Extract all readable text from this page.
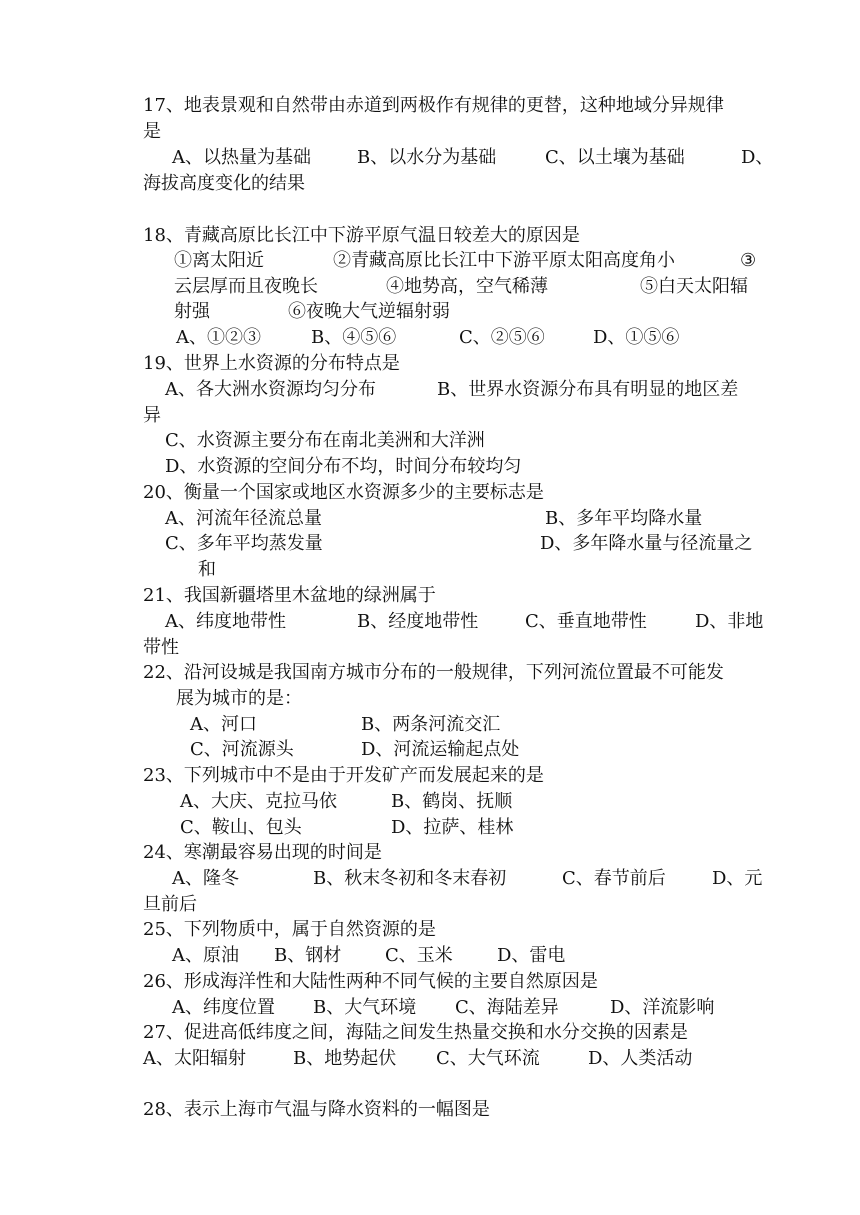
17、地表景观和自然带由赤道到两极作有规律的更替，这种地域分异规律

是

A、以热量为基础	B、以水分为基础	C、以土壤为基础	D、

海拔高度变化的结果

18、青藏高原比长江中下游平原气温日较差大的原因是

①离太阳近	②青藏高原比长江中下游平原太阳高度角小	③

云层厚而且夜晚长	④地势高，空气稀薄	⑤白天太阳辐

射强	⑥夜晚大气逆辐射弱

A、①②③	B、④⑤⑥	C、②⑤⑥	D、①⑤⑥

19、世界上水资源的分布特点是

A、各大洲水资源均匀分布	B、世界水资源分布具有明显的地区差

异

C、水资源主要分布在南北美洲和大洋洲

D、水资源的空间分布不均，时间分布较均匀

20、衡量一个国家或地区水资源多少的主要标志是

A、河流年径流总量	B、多年平均降水量

C、多年平均蒸发量	D、多年降水量与径流量之

和

21、我国新疆塔里木盆地的绿洲属于

A、纬度地带性	B、经度地带性	C、垂直地带性	D、非地

带性

22、沿河设城是我国南方城市分布的一般规律，下列河流位置最不可能发

展为城市的是：

A、河口	B、两条河流交汇

C、河流源头	D、河流运输起点处

23、下列城市中不是由于开发矿产而发展起来的是

A、大庆、克拉马依	B、鹤岗、抚顺

C、鞍山、包头	D、拉萨、桂林

24、寒潮最容易出现的时间是

A、隆冬	B、秋末冬初和冬末春初	C、春节前后	D、元

旦前后

25、下列物质中，属于自然资源的是

A、原油 B、钢材 C、玉米 D、雷电

26、形成海洋性和大陆性两种不同气候的主要自然原因是

A、纬度位置 B、大气环境 C、海陆差异	D、洋流影响

27、促进高低纬度之间，海陆之间发生热量交换和水分交换的因素是

A、太阳辐射	B、地势起伏 C、大气环流	D、人类活动

28、表示上海市气温与降水资料的一幅图是
